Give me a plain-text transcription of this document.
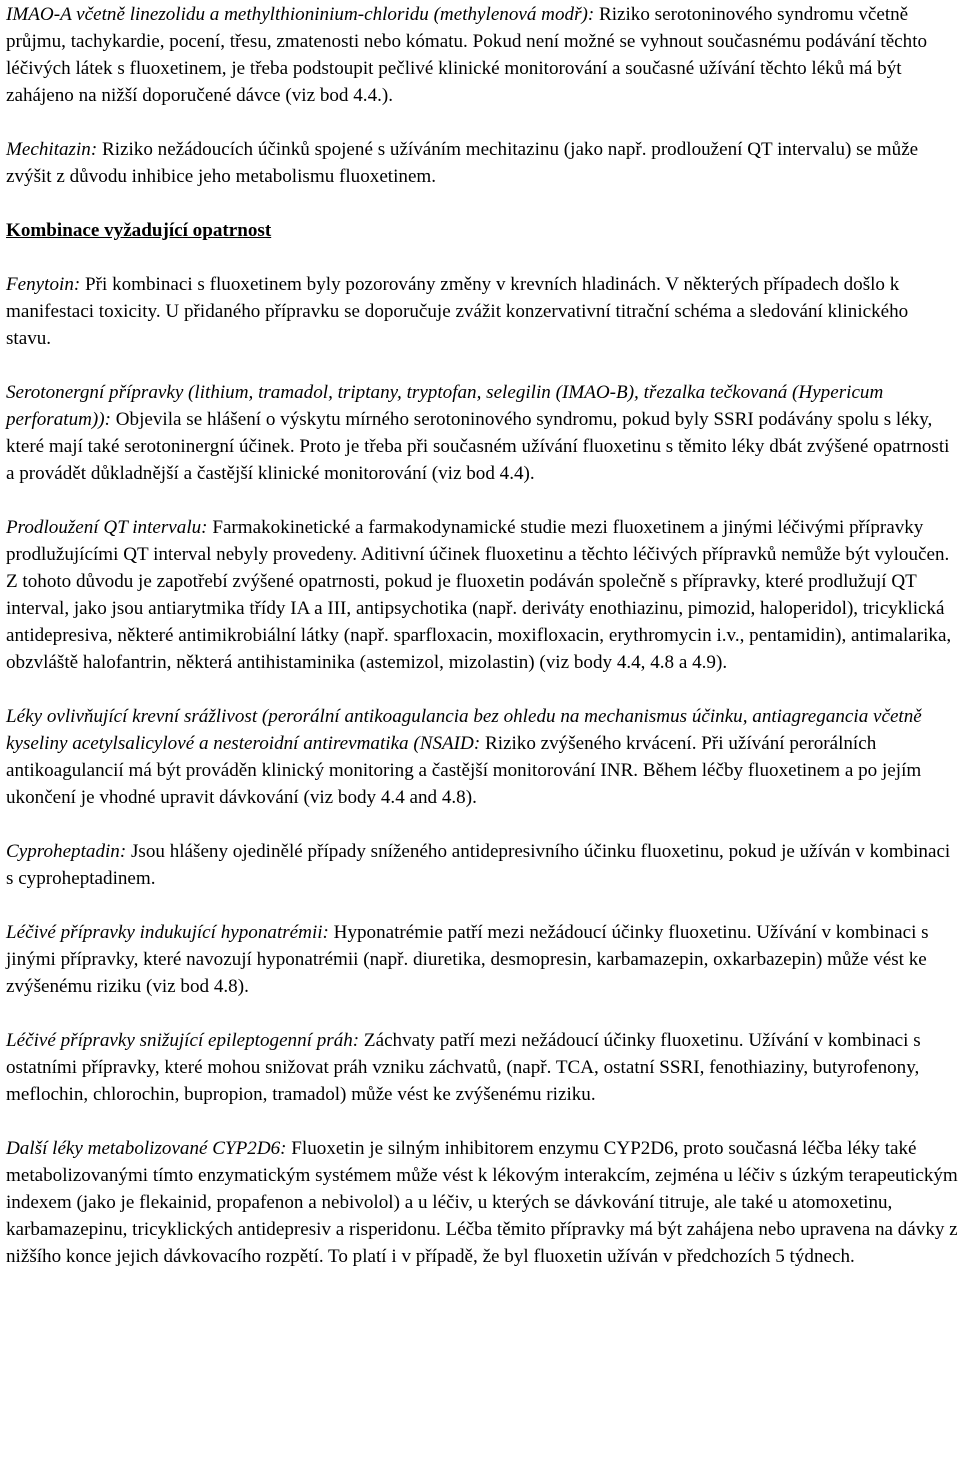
IMAO-A včetně linezolidu a methylthioninium-chloridu (methylenová modř): Riziko serotoninového syndromu včetně průjmu, tachykardie, pocení, třesu, zmatenosti nebo kómatu. Pokud není možné se vyhnout současnému podávání těchto léčivých látek s fluoxetinem, je třeba podstoupit pečlivé klinické monitorování a současné užívání těchto léků má být zahájeno na nižší doporučené dávce (viz bod 4.4.).

Mechitazin: Riziko nežádoucích účinků spojené s užíváním mechitazinu (jako např. prodloužení QT intervalu) se může zvýšit z důvodu inhibice jeho metabolismu fluoxetinem.

Kombinace vyžadující opatrnost

Fenytoin: Při kombinaci s fluoxetinem byly pozorovány změny v krevních hladinách. V některých případech došlo k manifestaci toxicity. U přidaného přípravku se doporučuje zvážit konzervativní titrační schéma a sledování klinického stavu.

Serotonergní přípravky (lithium, tramadol, triptany, tryptofan, selegilin (IMAO-B), třezalka tečkovaná (Hypericum perforatum)): Objevila se hlášení o výskytu mírného serotoninového syndromu, pokud byly SSRI podávány spolu s léky, které mají také serotoninergní účinek. Proto je třeba při současném užívání fluoxetinu s těmito léky dbát zvýšené opatrnosti a provádět důkladnější a častější klinické monitorování (viz bod 4.4).

Prodloužení QT intervalu: Farmakokinetické a farmakodynamické studie mezi fluoxetinem a jinými léčivými přípravky prodlužujícími QT interval nebyly provedeny. Aditivní účinek fluoxetinu a těchto léčivých přípravků nemůže být vyloučen. Z tohoto důvodu je zapotřebí zvýšené opatrnosti, pokud je fluoxetin podáván společně s přípravky, které prodlužují QT interval, jako jsou antiarytmika třídy IA a III, antipsychotika (např. deriváty enothiazinu, pimozid, haloperidol), tricyklická antidepresiva, některé antimikrobiální látky (např. sparfloxacin, moxifloxacin, erythromycin i.v., pentamidin), antimalarika, obzvláště halofantrin, některá antihistaminika (astemizol, mizolastin) (viz body 4.4, 4.8 a 4.9).

Léky ovlivňující krevní srážlivost (perorální antikoagulancia bez ohledu na mechanismus účinku, antiagregancia včetně kyseliny acetylsalicylové a nesteroidní antirevmatika (NSAID: Riziko zvýšeného krvácení. Při užívání perorálních antikoagulancií má být prováděn klinický monitoring a častější monitorování INR. Během léčby fluoxetinem a po jejím ukončení je vhodné upravit dávkování (viz body 4.4 and 4.8).

Cyproheptadin: Jsou hlášeny ojedinělé případy sníženého antidepresivního účinku fluoxetinu, pokud je užíván v kombinaci s cyproheptadinem.

Léčivé přípravky indukující hyponatrémii: Hyponatrémie patří mezi nežádoucí účinky fluoxetinu. Užívání v kombinaci s jinými přípravky, které navozují hyponatrémii (např. diuretika, desmopresin, karbamazepin, oxkarbazepin) může vést ke zvýšenému riziku (viz bod 4.8).

Léčivé přípravky snižující epileptogenní práh: Záchvaty patří mezi nežádoucí účinky fluoxetinu. Užívání v kombinaci s ostatními přípravky, které mohou snižovat práh vzniku záchvatů, (např. TCA, ostatní SSRI, fenothiaziny, butyrofenony, meflochin, chlorochin, bupropion, tramadol) může vést ke zvýšenému riziku.

Další léky metabolizované CYP2D6: Fluoxetin je silným inhibitorem enzymu CYP2D6, proto současná léčba léky také metabolizovanými tímto enzymatickým systémem může vést k lékovým interakcím, zejména u léčiv s úzkým terapeutickým indexem (jako je flekainid, propafenon a nebivolol) a u léčiv, u kterých se dávkování titruje, ale také u atomoxetinu, karbamazepinu, tricyklických antidepresiv a risperidonu. Léčba těmito přípravky má být zahájena nebo upravena na dávky z nižšího konce jejich dávkovacího rozpětí. To platí i v případě, že byl fluoxetin užíván v předchozích 5 týdnech.
